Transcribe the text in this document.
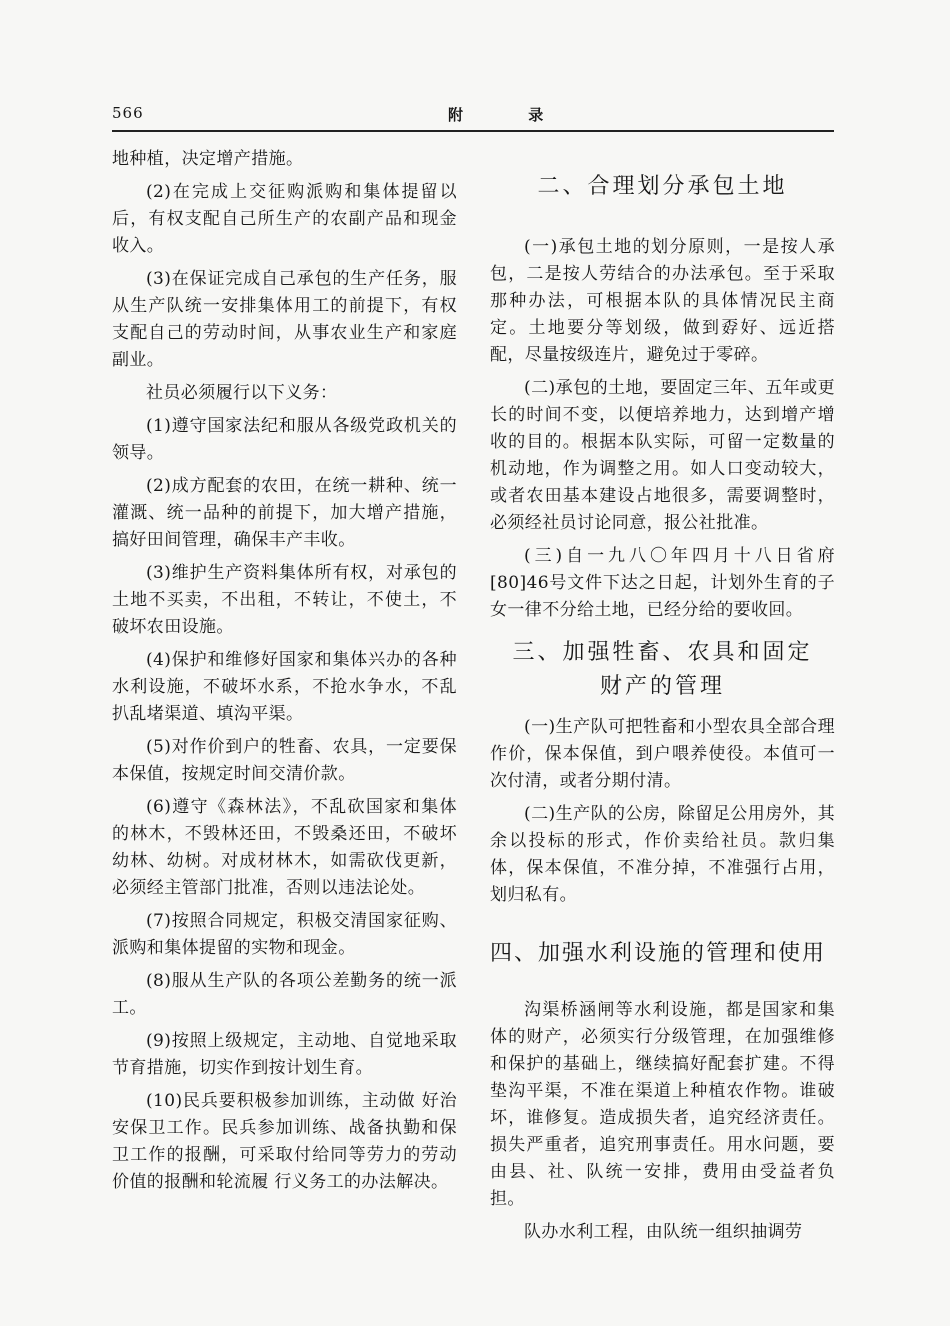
566	附 录

地种植，决定增产措施。

(2)在完成上交征购派购和集体提留以后，有权支配自己所生产的农副产品和现金收入。

(3)在保证完成自己承包的生产任务，服从生产队统一安排集体用工的前提下，有权支配自己的劳动时间，从事农业生产和家庭副业。

社员必须履行以下义务：

(1)遵守国家法纪和服从各级党政机关的领导。

(2)成方配套的农田，在统一耕种、统一灌溉、统一品种的前提下，加大增产措施，搞好田间管理，确保丰产丰收。

(3)维护生产资料集体所有权，对承包的土地不买卖，不出租，不转让，不使土，不破坏农田设施。

(4)保护和维修好国家和集体兴办的各种水利设施，不破坏水系，不抢水争水，不乱扒乱堵渠道、填沟平渠。

(5)对作价到户的牲畜、农具，一定要保本保值，按规定时间交清价款。

(6)遵守《森林法》，不乱砍国家和集体的林木，不毁林还田，不毁桑还田，不破坏幼林、幼树。对成材林木，如需砍伐更新，必须经主管部门批准，否则以违法论处。

(7)按照合同规定，积极交清国家征购、派购和集体提留的实物和现金。

(8)服从生产队的各项公差勤务的统一派工。

(9)按照上级规定，主动地、自觉地采取节育措施，切实作到按计划生育。

(10)民兵要积极参加训练，主动做 好治安保卫工作。民兵参加训练、战备执勤和保卫工作的报酬，可采取付给同等劳力的劳动价值的报酬和轮流履 行义务工的办法解决。

二、合理划分承包土地

(一)承包土地的划分原则，一是按人承包，二是按人劳结合的办法承包。至于采取那种办法，可根据本队的具体情况民主商定。土地要分等划级，做到孬好、远近搭配，尽量按级连片，避免过于零碎。

(二)承包的土地，要固定三年、五年或更长的时间不变，以便培养地力，达到增产增收的目的。根据本队实际，可留一定数量的机动地，作为调整之用。如人口变动较大，或者农田基本建设占地很多，需要调整时，必须经社员讨论同意，报公社批准。

(三)自一九八〇年四月十八日省府[80]46号文件下达之日起，计划外生育的子女一律不分给土地，已经分给的要收回。

三、加强牲畜、农具和固定
财产的管理

(一)生产队可把牲畜和小型农具全部合理作价，保本保值，到户喂养使役。本值可一次付清，或者分期付清。

(二)生产队的公房，除留足公用房外，其余以投标的形式，作价卖给社员。款归集体，保本保值，不准分掉，不准强行占用，划归私有。

四、加强水利设施的管理和使用

沟渠桥涵闸等水利设施，都是国家和集体的财产，必须实行分级管理，在加强维修和保护的基础上，继续搞好配套扩建。不得垫沟平渠，不准在渠道上种植农作物。谁破坏，谁修复。造成损失者，追究经济责任。损失严重者，追究刑事责任。用水问题，要由县、社、队统一安排，费用由受益者负担。

队办水利工程，由队统一组织抽调劳
